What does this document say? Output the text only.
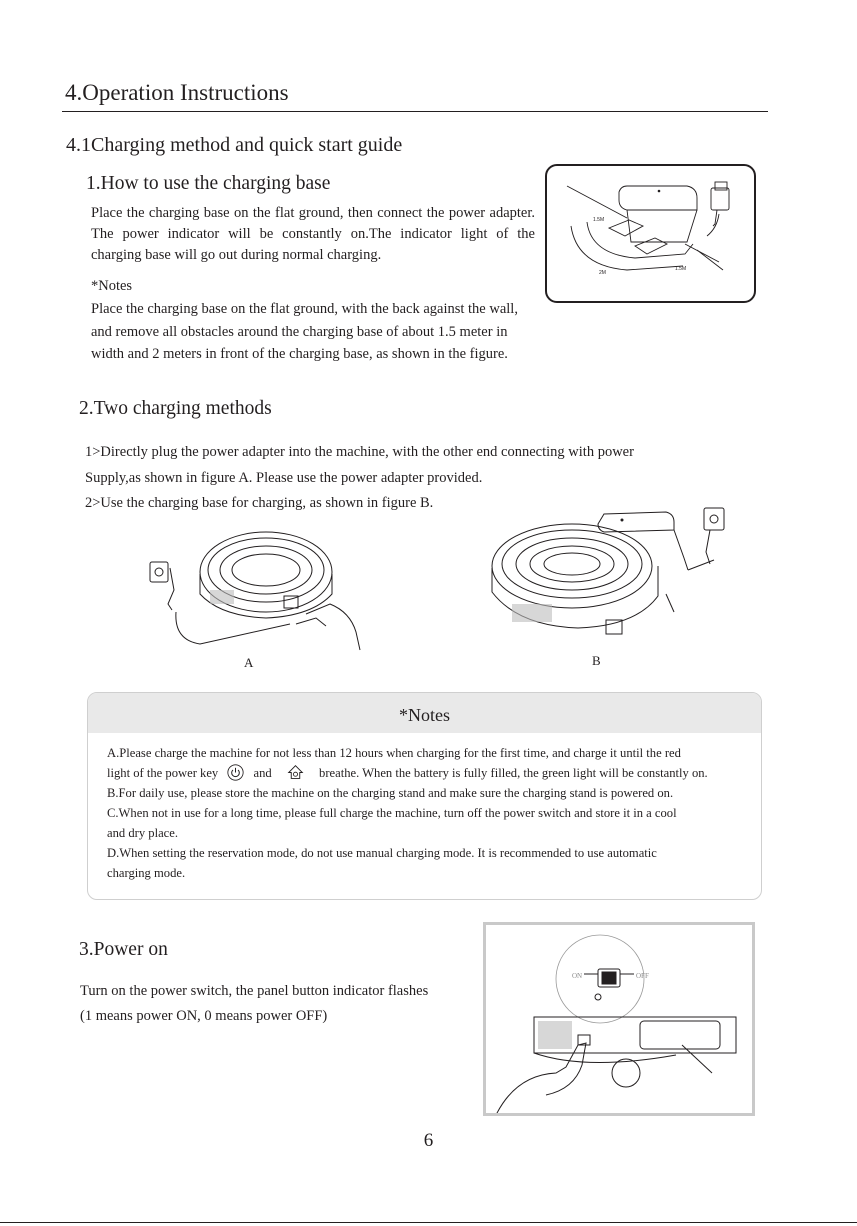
4.Operation Instructions
4.1Charging method and quick start guide
1.How to use the charging base
Place the charging base on the flat ground, then connect the power adapter. The power indicator will be constantly on.The indicator light of the charging base will go out during normal charging.
*Notes
Place the charging base on the flat ground, with the back against the wall, and remove all obstacles around the charging base of about 1.5 meter in width and 2 meters in front of the charging base, as shown in the figure.
1.5M
2M
1.5M
2.Two charging methods
1>Directly plug the power adapter into the machine, with the other end connecting with power
Supply,as shown in figure A. Please use the power adapter provided.
2>Use the charging base for charging, as shown in figure B.
A	B
*Notes
A.Please charge the machine for not less than 12 hours when charging for the first time, and charge it until the red
light of the power key	and	breathe. When the battery is fully filled, the green light will be constantly on.
B.For daily use, please store the machine on the charging stand and make sure the charging stand is powered on.
C.When not in use for a long time, please full charge the machine, turn off the power switch and store it in a cool
and dry place.
D.When setting the reservation mode, do not use manual charging mode. It is recommended to use automatic
charging mode.
3.Power on
Turn on the power switch, the panel button indicator flashes
(1 means power ON, 0 means power OFF)
ON	OFF
6
